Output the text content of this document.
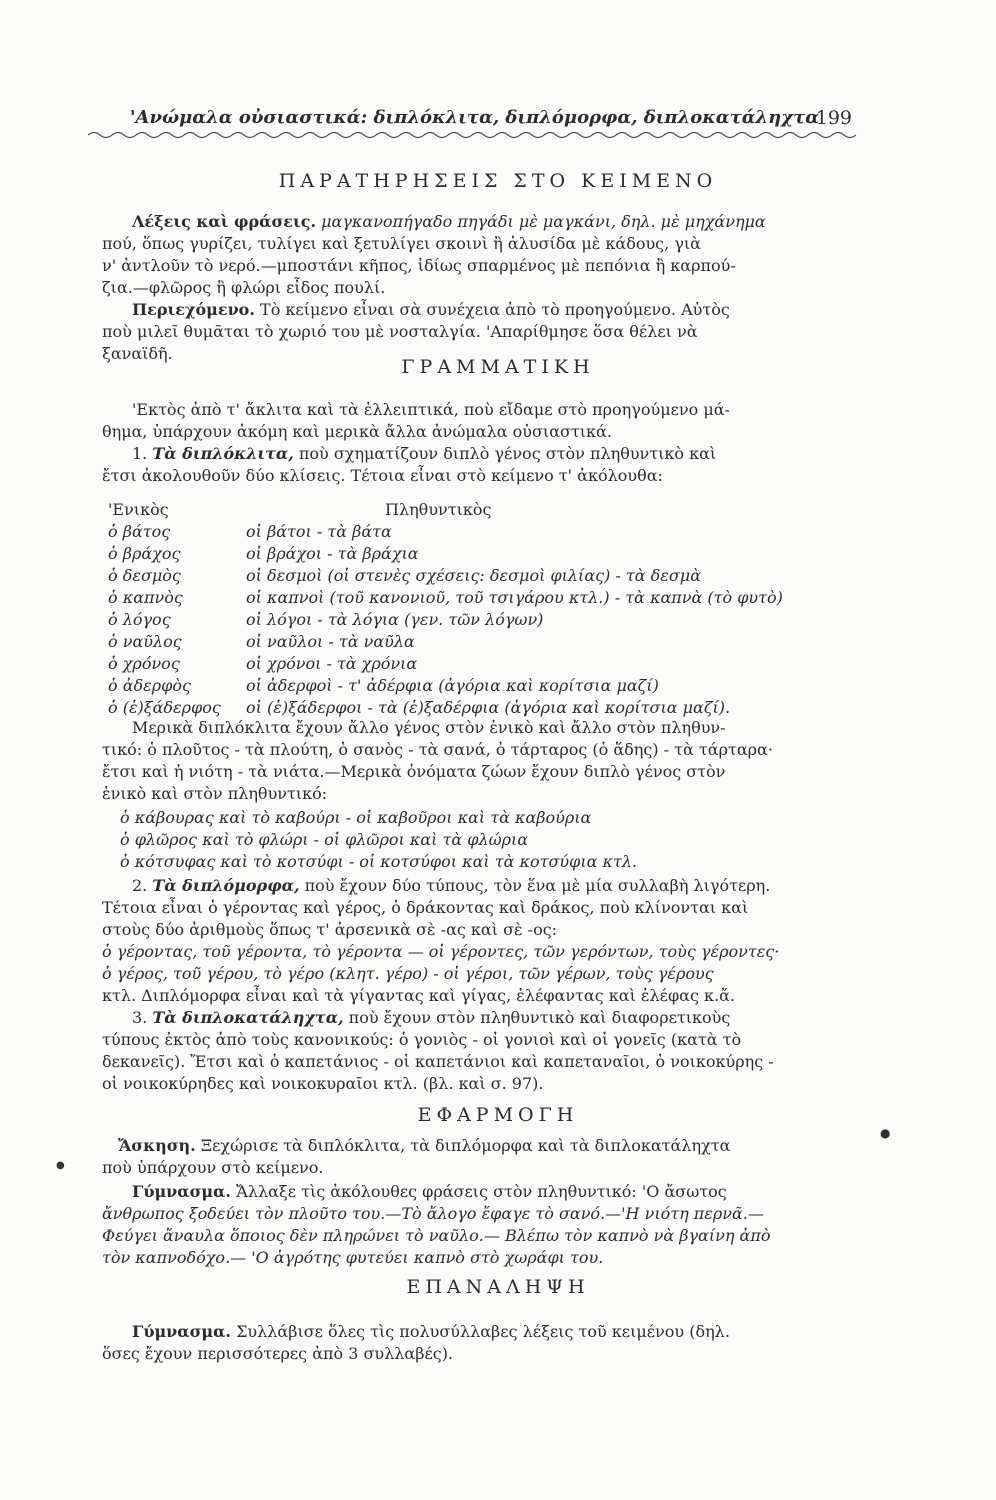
'Ανώμαλα οὐσιαστικά: διπλόκλιτα, διπλόμορφα, διπλοκατάληχτα
199
ΠΑΡΑΤΗΡΗΣΕΙΣ ΣΤΟ ΚΕΙΜΕΝΟ
Λέξεις καὶ φράσεις. μαγκανοπήγαδο πηγάδι μὲ μαγκάνι, δηλ. μὲ μηχάνημα
πού, ὅπως γυρίζει, τυλίγει καὶ ξετυλίγει σκοινὶ ἢ ἁλυσίδα μὲ κάδους, γιὰ
ν' ἀντλοῦν τὸ νερό.—μποστάνι κῆπος, ἰδίως σπαρμένος μὲ πεπόνια ἢ καρπού-
ζια.—φλῶρος ἢ φλώρι εἶδος πουλί.
Περιεχόμενο. Τὸ κείμενο εἶναι σὰ συνέχεια ἀπὸ τὸ προηγούμενο. Αὐτὸς
ποὺ μιλεῖ θυμᾶται τὸ χωριό του μὲ νοσταλγία. 'Απαρίθμησε ὅσα θέλει νὰ
ξαναϊδῆ.
ΓΡΑΜΜΑΤΙΚΗ
'Εκτὸς ἀπὸ τ' ἄκλιτα καὶ τὰ ἐλλειπτικά, ποὺ εἴδαμε στὸ προηγούμενο μά-
θημα, ὑπάρχουν ἀκόμη καὶ μερικὰ ἄλλα ἀνώμαλα οὐσιαστικά.
1. Τὰ διπλόκλιτα, ποὺ σχηματίζουν διπλὸ γένος στὸν πληθυντικὸ καὶ
ἔτσι ἀκολουθοῦν δύο κλίσεις. Τέτοια εἶναι στὸ κείμενο τ' ἀκόλουθα:
'Ενικὸς	Πληθυντικὸς
ὁ βάτος	οἱ βάτοι - τὰ βάτα
ὁ βράχος	οἱ βράχοι - τὰ βράχια
ὁ δεσμὸς	οἱ δεσμοὶ (οἱ στενὲς σχέσεις: δεσμοὶ φιλίας) - τὰ δεσμὰ
ὁ καπνὸς	οἱ καπνοὶ (τοῦ κανονιοῦ, τοῦ τσιγάρου κτλ.) - τὰ καπνὰ (τὸ φυτὸ)
ὁ λόγος	οἱ λόγοι - τὰ λόγια (γεν. τῶν λόγων)
ὁ ναῦλος	οἱ ναῦλοι - τὰ ναῦλα
ὁ χρόνος	οἱ χρόνοι - τὰ χρόνια
ὁ ἀδερφὸς	οἱ ἀδερφοὶ - τ' ἀδέρφια (ἀγόρια καὶ κορίτσια μαζί)
ὁ (ἐ)ξάδερφος οἱ (ἐ)ξάδερφοι - τὰ (ἐ)ξαδέρφια (ἀγόρια καὶ κορίτσια μαζί).
Μερικὰ διπλόκλιτα ἔχουν ἄλλο γένος στὸν ἑνικὸ καὶ ἄλλο στὸν πληθυν-
τικό: ὁ πλοῦτος - τὰ πλούτη, ὁ σανὸς - τὰ σανά, ὁ τάρταρος (ὁ ἅδης) - τὰ τάρταρα·
ἔτσι καὶ ἡ νιότη - τὰ νιάτα.—Μερικὰ ὀνόματα ζώων ἔχουν διπλὸ γένος στὸν
ἑνικὸ καὶ στὸν πληθυντικό:
ὁ κάβουρας καὶ τὸ καβούρι - οἱ καβοῦροι καὶ τὰ καβούρια
ὁ φλῶρος καὶ τὸ φλώρι - οἱ φλῶροι καὶ τὰ φλώρια
ὁ κότσυφας καὶ τὸ κοτσύφι - οἱ κοτσύφοι καὶ τὰ κοτσύφια κτλ.
2. Τὰ διπλόμορφα, ποὺ ἔχουν δύο τύπους, τὸν ἕνα μὲ μία συλλαβὴ λιγότερη.
Τέτοια εἶναι ὁ γέροντας καὶ γέρος, ὁ δράκοντας καὶ δράκος, ποὺ κλίνονται καὶ
στοὺς δύο ἀριθμοὺς ὅπως τ' ἀρσενικὰ σὲ -ας καὶ σὲ -ος:
ὁ γέροντας, τοῦ γέροντα, τὸ γέροντα — οἱ γέροντες, τῶν γερόντων, τοὺς γέροντες·
ὁ γέρος, τοῦ γέρου, τὸ γέρο (κλητ. γέρο) - οἱ γέροι, τῶν γέρων, τοὺς γέρους
κτλ. Διπλόμορφα εἶναι καὶ τὰ γίγαντας καὶ γίγας, ἐλέφαντας καὶ ἐλέφας κ.ἄ.
3. Τὰ διπλοκατάληχτα, ποὺ ἔχουν στὸν πληθυντικὸ καὶ διαφορετικοὺς
τύπους ἐκτὸς ἀπὸ τοὺς κανονικούς: ὁ γονιὸς - οἱ γονιοὶ καὶ οἱ γονεῖς (κατὰ τὸ
δεκανεῖς). Ἔτσι καὶ ὁ καπετάνιος - οἱ καπετάνιοι καὶ καπεταναῖοι, ὁ νοικοκύρης -
οἱ νοικοκύρηδες καὶ νοικοκυραῖοι κτλ. (βλ. καὶ σ. 97).
ΕΦΑΡΜΟΓΗ
Ἄσκηση. Ξεχώρισε τὰ διπλόκλιτα, τὰ διπλόμορφα καὶ τὰ διπλοκατάληχτα
ποὺ ὑπάρχουν στὸ κείμενο.
Γύμνασμα. Ἄλλαξε τὶς ἀκόλουθες φράσεις στὸν πληθυντικό: 'Ο ἄσωτος
ἄνθρωπος ξοδεύει τὸν πλοῦτο του.—Τὸ ἄλογο ἔφαγε τὸ σανό.—'Η νιότη περνᾶ.—
Φεύγει ἄναυλα ὅποιος δὲν πληρώνει τὸ ναῦλο.— Βλέπω τὸν καπνὸ νὰ βγαίνη ἀπὸ
τὸν καπνοδόχο.— 'Ο ἀγρότης φυτεύει καπνὸ στὸ χωράφι του.
ΕΠΑΝΑΛΗΨΗ
Γύμνασμα. Συλλάβισε ὅλες τὶς πολυσύλλαβες λέξεις τοῦ κειμένου (δηλ.
ὅσες ἔχουν περισσότερες ἀπὸ 3 συλλαβές).
●
●
